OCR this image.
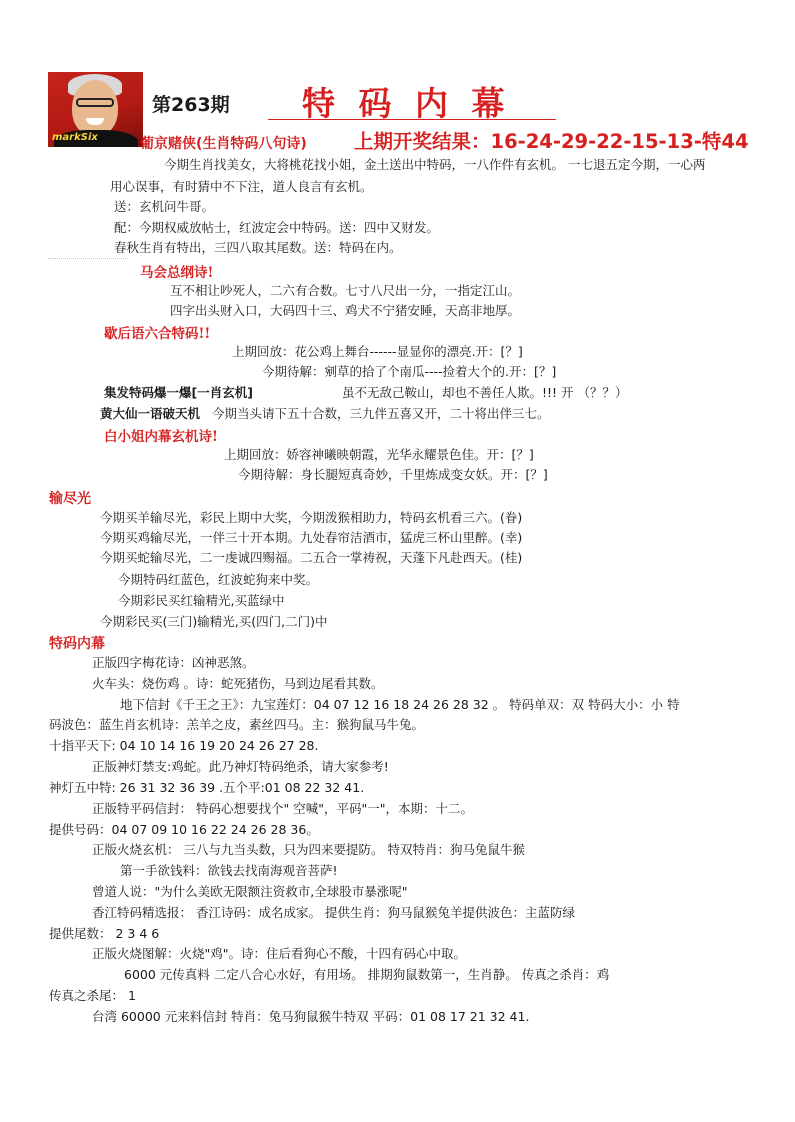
markSix
第263期 特 码 内 幕
葡京赌侠(生肖特码八句诗) 上期开奖结果：16-24-29-22-15-13-特44
今期生肖找美女，大将桃花找小姐，金土送出中特码，一八作件有玄机。 一七退五定今期，一心两
用心误事，有时猜中不下注，道人良言有玄机。
送：玄机问牛哥。
配：今期权威放帖士，红波定会中特码。送：四中又财发。
春秋生肖有特出，三四八取其尾数。送：特码在内。
马会总纲诗!
互不相让吵死人，二六有合数。七寸八尺出一分，一指定江山。
四字出头财入口，大码四十三、鸡犬不宁猪安睡，天高非地厚。
歇后语六合特码!!
上期回放：花公鸡上舞台------显显你的漂亮.开：[？]
今期待解：剜草的拾了个南瓜----捡着大个的.开：[？]
集发特码爆一爆[一肖玄机]	虽不无敌己鞍山，却也不善任人欺。!!! 开 （？？）
黄大仙一语破天机 今期当头请下五十合数，三九伴五喜又开，二十将出伴三七。
白小姐内幕玄机诗!
上期回放：娇容神曦映朝霞，光华永耀景色佳。开：[？]
今期待解：身长腿短真奇妙，千里炼成变女妖。开：[？]
输尽光
今期买羊输尽光，彩民上期中大奖，今期泼猴相助力，特码玄机看三六。(眷)
今期买鸡输尽光，一伴三十开本期。九处春帘洁酒市，猛虎三杯山里醉。(幸)
今期买蛇输尽光，二一虔诚四赐福。二五合一掌祷祝，天蓬下凡赴西天。(桂)
今期特码红蓝色，红波蛇狗来中奖。
今期彩民买红输精光,买蓝绿中
今期彩民买(三门)输精光,买(四门,二门)中
特码内幕
正版四字梅花诗：凶神恶煞。
火车头：烧伤鸡 。诗：蛇死猪伤，马到边尾看其数。
地下信封《千王之王》：九宝莲灯：04 07 12 16 18 24 26 28 32 。 特码单双：双 特码大小：小 特
码波色：蓝生肖玄机诗：羔羊之皮，素丝四马。主：猴狗鼠马牛兔。
十指平天下: 04 10 14 16 19 20 24 26 27 28.
正版神灯禁支:鸡蛇。此乃神灯特码绝杀，请大家参考!
神灯五中特: 26 31 32 36 39 .五个平:01 08 22 32 41.
正版特平码信封： 特码心想要找个" 空喊"，平码"一"，本期：十二。
提供号码：04 07 09 10 16 22 24 26 28 36。
正版火烧玄机： 三八与九当头数，只为四来要提防。 特双特肖：狗马兔鼠牛猴
第一手欲钱料：欲钱去找南海观音菩萨!
曾道人说："为什么美欧无限额注资救市,全球股市暴涨呢"
香江特码精选报： 香江诗码：成名成家。 提供生肖：狗马鼠猴兔羊提供波色：主蓝防绿
提供尾数： 2 3 4 6
正版火烧图解：火烧"鸡"。诗：住后看狗心不酸，十四有码心中取。
6000 元传真料 二定八合心水好，有用场。 排期狗鼠数第一，生肖静。 传真之杀肖：鸡
传真之杀尾： 1
台湾 60000 元来料信封 特肖：兔马狗鼠猴牛特双 平码：01 08 17 21 32 41.
